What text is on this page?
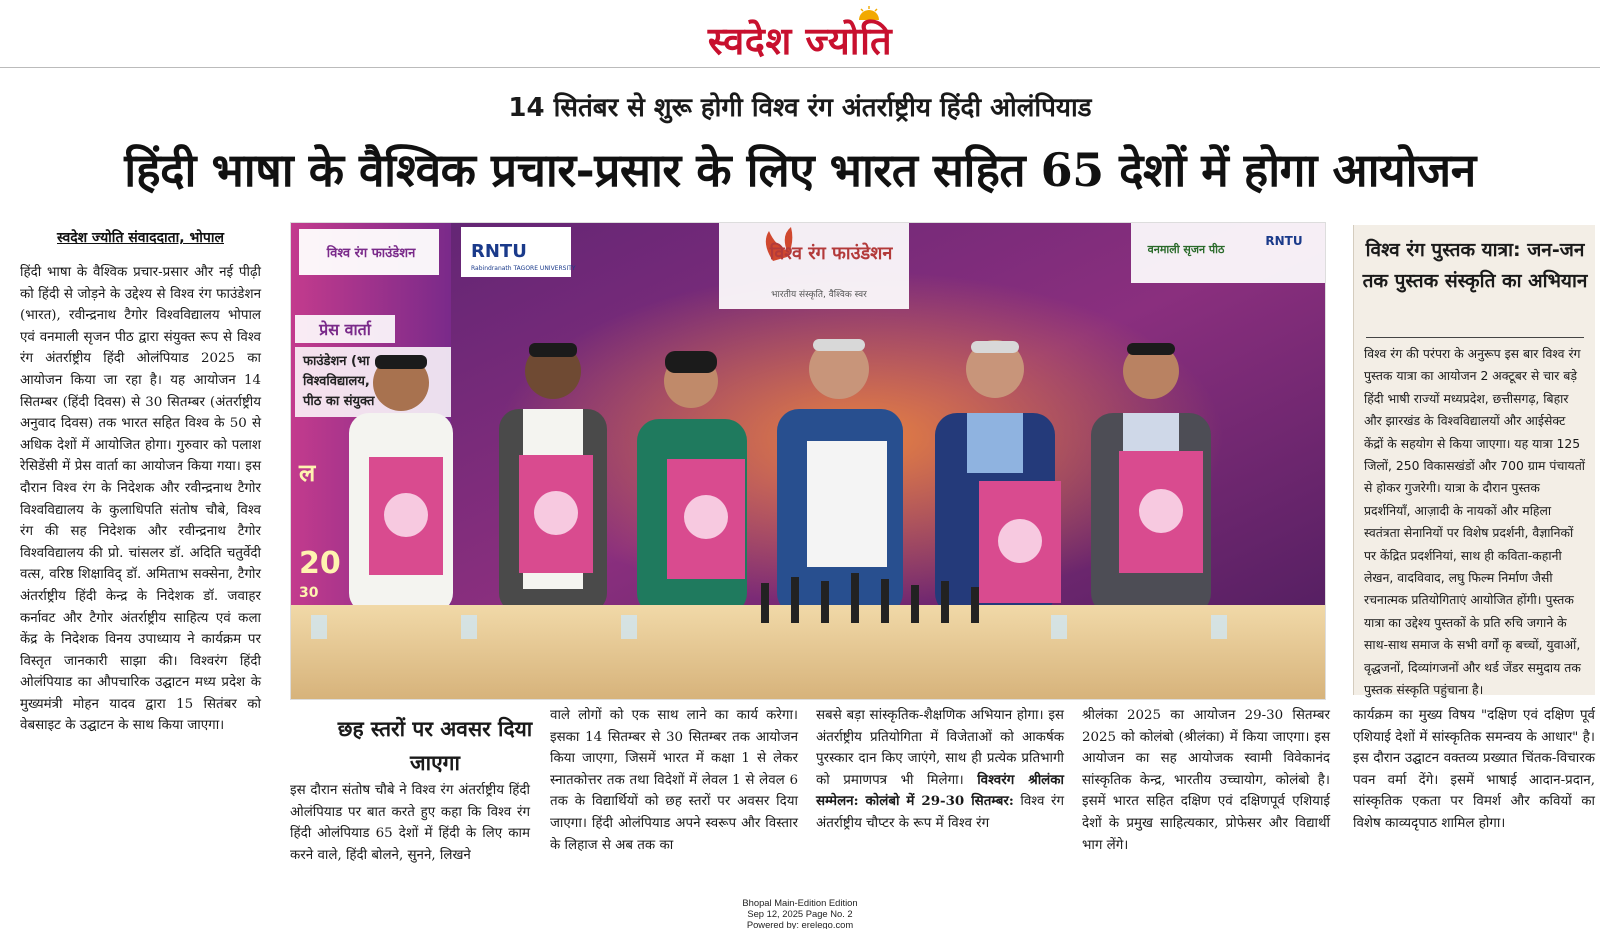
स्वदेश ज्योति
14 सितंबर से शुरू होगी विश्व रंग अंतर्राष्ट्रीय हिंदी ओलंपियाड
हिंदी भाषा के वैश्विक प्रचार-प्रसार के लिए भारत सहित 65 देशों में होगा आयोजन
स्वदेश ज्योति संवाददाता, भोपाल
हिंदी भाषा के वैश्विक प्रचार-प्रसार और नई पीढ़ी को हिंदी से जोड़ने के उद्देश्य से विश्व रंग फाउंडेशन (भारत), रवीन्द्रनाथ टैगोर विश्वविद्यालय भोपाल एवं वनमाली सृजन पीठ द्वारा संयुक्त रूप से विश्व रंग अंतर्राष्ट्रीय हिंदी ओलंपियाड 2025 का आयोजन किया जा रहा है। यह आयोजन 14 सितम्बर (हिंदी दिवस) से 30 सितम्बर (अंतर्राष्ट्रीय अनुवाद दिवस) तक भारत सहित विश्व के 50 से अधिक देशों में आयोजित होगा। गुरुवार को पलाश रेसिडेंसी में प्रेस वार्ता का आयोजन किया गया। इस दौरान विश्व रंग के निदेशक और रवीन्द्रनाथ टैगोर विश्वविद्यालय के कुलाधिपति संतोष चौबे, विश्व रंग की सह निदेशक और रवीन्द्रनाथ टैगोर विश्वविद्यालय की प्रो. चांसलर डॉ. अदिति चतुर्वेदी वत्स, वरिष्ठ शिक्षाविद् डॉ. अमिताभ सक्सेना, टैगोर अंतर्राष्ट्रीय हिंदी केन्द्र के निदेशक डॉ. जवाहर कर्नावट और टैगोर अंतर्राष्ट्रीय साहित्य एवं कला केंद्र के निदेशक विनय उपाध्याय ने कार्यक्रम पर विस्तृत जानकारी साझा की। विश्वरंग हिंदी ओलंपियाड का औपचारिक उद्घाटन मध्य प्रदेश के मुख्यमंत्री मोहन यादव द्वारा 15 सितंबर को वेबसाइट के उद्घाटन के साथ किया जाएगा।
विश्व रंग फाउंडेशन
प्रेस वार्ता
फाउंडेशन (भा
विश्वविद्यालय,
पीठ का संयुक्त
ल
20
30
RNTU
Rabindranath TAGORE UNIVERSITY
विश्व रंग फाउंडेशन
भारतीय संस्कृति, वैश्विक स्वर
वनमाली सृजन पीठ
RNTU	विश्व रंग पुस्तक यात्रा: जन-जन तक पुस्तक संस्कृति का अभियान
विश्व रंग की परंपरा के अनुरूप इस बार विश्व रंग पुस्तक यात्रा का आयोजन 2 अक्टूबर से चार बड़े हिंदी भाषी राज्यों मध्यप्रदेश, छत्तीसगढ़, बिहार और झारखंड के विश्वविद्यालयों और आईसेक्ट केंद्रों के सहयोग से किया जाएगा। यह यात्रा 125 जिलों, 250 विकासखंडों और 700 ग्राम पंचायतों से होकर गुजरेगी। यात्रा के दौरान पुस्तक प्रदर्शनियाँ, आज़ादी के नायकों और महिला स्वतंत्रता सेनानियों पर विशेष प्रदर्शनी, वैज्ञानिकों पर केंद्रित प्रदर्शनियां, साथ ही कविता-कहानी लेखन, वादविवाद, लघु फिल्म निर्माण जैसी रचनात्मक प्रतियोगिताएं आयोजित होंगी। पुस्तक यात्रा का उद्देश्य पुस्तकों के प्रति रुचि जगाने के साथ-साथ समाज के सभी वर्गों कृ बच्चों, युवाओं, वृद्धजनों, दिव्यांगजनों और थर्ड जेंडर समुदाय तक पुस्तक संस्कृति पहुंचाना है।
छह स्तरों पर अवसर दिया जाएगा
इस दौरान संतोष चौबे ने विश्व रंग अंतर्राष्ट्रीय हिंदी ओलंपियाड पर बात करते हुए कहा कि विश्व रंग हिंदी ओलंपियाड 65 देशों में हिंदी के लिए काम करने वाले, हिंदी बोलने, सुनने, लिखने
वाले लोगों को एक साथ लाने का कार्य करेगा। इसका 14 सितम्बर से 30 सितम्बर तक आयोजन किया जाएगा, जिसमें भारत में कक्षा 1 से लेकर स्नातकोत्तर तक तथा विदेशों में लेवल 1 से लेवल 6 तक के विद्यार्थियों को छह स्तरों पर अवसर दिया जाएगा। हिंदी ओलंपियाड अपने स्वरूप और विस्तार के लिहाज से अब तक का
सबसे बड़ा सांस्कृतिक-शैक्षणिक अभियान होगा। इस अंतर्राष्ट्रीय प्रतियोगिता में विजेताओं को आकर्षक पुरस्कार दान किए जाएंगे, साथ ही प्रत्येक प्रतिभागी को प्रमाणपत्र भी मिलेगा। विश्वरंग श्रीलंका सम्मेलन: कोलंबो में 29-30 सितम्बर: विश्व रंग अंतर्राष्ट्रीय चौप्टर के रूप में विश्व रंग
श्रीलंका 2025 का आयोजन 29-30 सितम्बर 2025 को कोलंबो (श्रीलंका) में किया जाएगा। इस आयोजन का सह आयोजक स्वामी विवेकानंद सांस्कृतिक केन्द्र, भारतीय उच्चायोग, कोलंबो है। इसमें भारत सहित दक्षिण एवं दक्षिणपूर्व एशियाई देशों के प्रमुख साहित्यकार, प्रोफेसर और विद्यार्थी भाग लेंगे।
कार्यक्रम का मुख्य विषय "दक्षिण एवं दक्षिण पूर्व एशियाई देशों में सांस्कृतिक समन्वय के आधार" है। इस दौरान उद्घाटन वक्तव्य प्रख्यात चिंतक-विचारक पवन वर्मा देंगे। इसमें भाषाई आदान-प्रदान, सांस्कृतिक एकता पर विमर्श और कवियों का विशेष काव्यदृपाठ शामिल होगा।
Bhopal Main-Edition Edition
Sep 12, 2025 Page No. 2
Powered by: erelego.com
